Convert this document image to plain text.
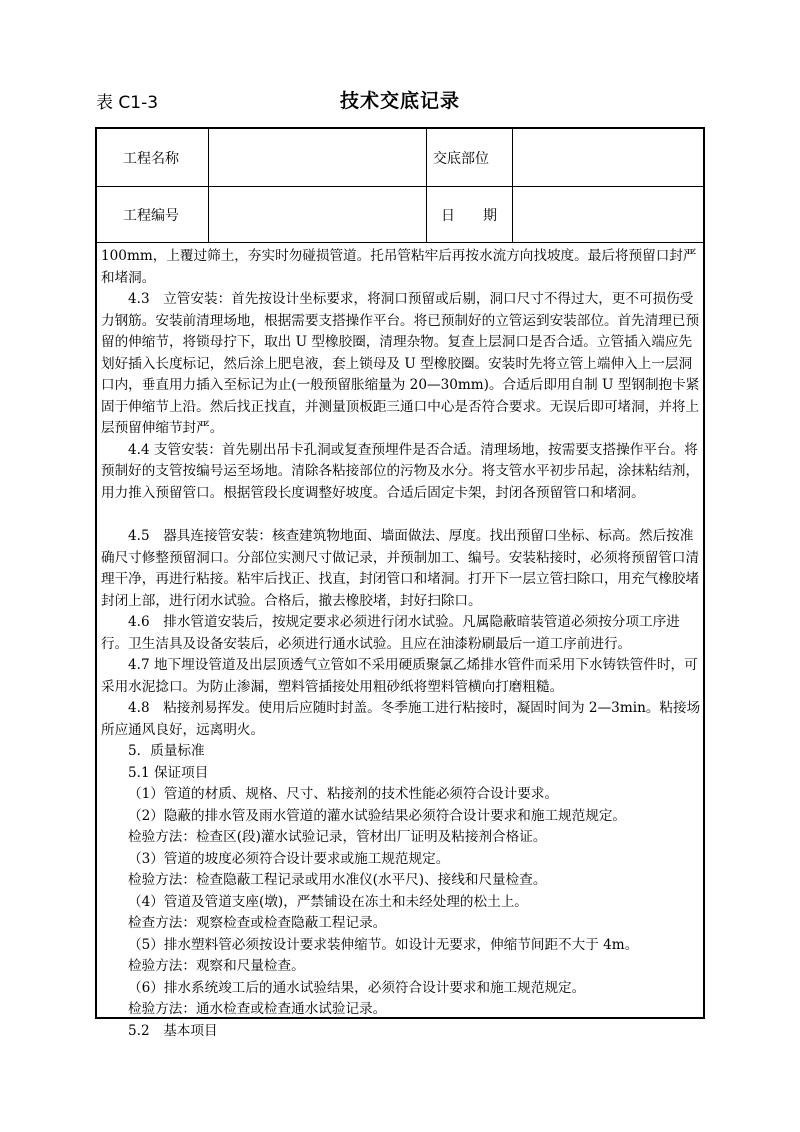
表 C1-3	技术交底记录
工程名称	交底部位
工程编号	日　　期

100mm，上覆过筛土，夯实时勿碰损管道。托吊管粘牢后再按水流方向找坡度。最后将预留口封严和堵洞。

4.3　立管安装：首先按设计坐标要求，将洞口预留或后剔，洞口尺寸不得过大，更不可损伤受力钢筋。安装前清理场地，根据需要支搭操作平台。将已预制好的立管运到安装部位。首先清理已预留的伸缩节，将锁母拧下，取出 U 型橡胶圈，清理杂物。复查上层洞口是否合适。立管插入端应先划好插入长度标记，然后涂上肥皂液，套上锁母及 U 型橡胶圈。安装时先将立管上端伸入上一层洞口内，垂直用力插入至标记为止(一般预留胀缩量为 20—30mm)。合适后即用自制 U 型钢制抱卡紧固于伸缩节上沿。然后找正找直，并测量顶板距三通口中心是否符合要求。无误后即可堵洞，并将上层预留伸缩节封严。

4.4 支管安装：首先剔出吊卡孔洞或复查预埋件是否合适。清理场地，按需要支搭操作平台。将预制好的支管按编号运至场地。清除各粘接部位的污物及水分。将支管水平初步吊起，涂抹粘结剂，用力推入预留管口。根据管段长度调整好坡度。合适后固定卡架，封闭各预留管口和堵洞。

4.5　器具连接管安装：核查建筑物地面、墙面做法、厚度。找出预留口坐标、标高。然后按准确尺寸修整预留洞口。分部位实测尺寸做记录，并预制加工、编号。安装粘接时，必须将预留管口清理干净，再进行粘接。粘牢后找正、找直，封闭管口和堵洞。打开下一层立管扫除口，用充气橡胶堵封闭上部，进行闭水试验。合格后，撤去橡胶堵，封好扫除口。

4.6　排水管道安装后，按规定要求必须进行闭水试验。凡属隐蔽暗装管道必须按分项工序进行。卫生洁具及设备安装后，必须进行通水试验。且应在油漆粉刷最后一道工序前进行。

4.7 地下埋设管道及出层顶透气立管如不采用硬质聚氯乙烯排水管件而采用下水铸铁管件时，可采用水泥捻口。为防止渗漏，塑料管插接处用粗砂纸将塑料管横向打磨粗糙。

4.8　粘接剂易挥发。使用后应随时封盖。冬季施工进行粘接时，凝固时间为 2—3min。粘接场所应通风良好，远离明火。

5．质量标准

5.1 保证项目

（1）管道的材质、规格、尺寸、粘接剂的技术性能必须符合设计要求。

（2）隐蔽的排水管及雨水管道的灌水试验结果必须符合设计要求和施工规范规定。

检验方法：检查区(段)灌水试验记录，管材出厂证明及粘接剂合格证。

（3）管道的坡度必须符合设计要求或施工规范规定。

检验方法：检查隐蔽工程记录或用水准仪(水平尺)、接线和尺量检查。

（4）管道及管道支座(墩)，严禁铺设在冻土和未经处理的松土上。

检查方法：观察检查或检查隐蔽工程记录。

（5）排水塑料管必须按设计要求装伸缩节。如设计无要求，伸缩节间距不大于 4m。

检验方法：观察和尺量检查。

（6）排水系统竣工后的通水试验结果，必须符合设计要求和施工规范规定。

检验方法：通水检查或检查通水试验记录。

5.2　基本项目
